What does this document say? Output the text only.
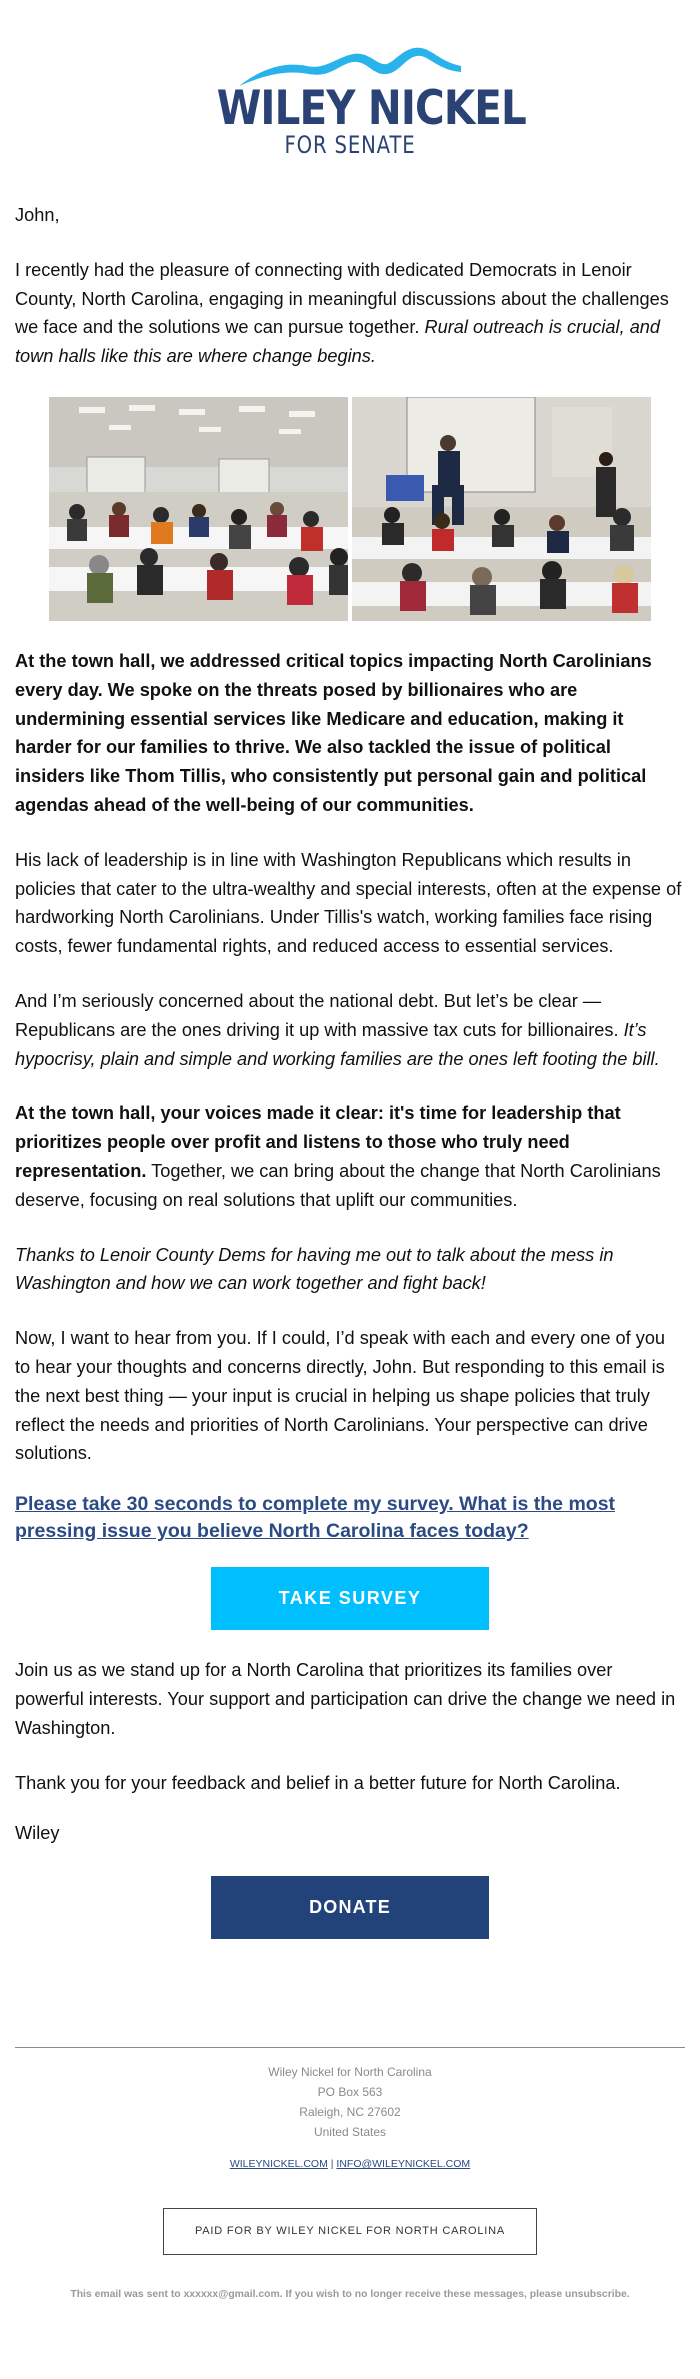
WILEY NICKEL
FOR SENATE

John,

I recently had the pleasure of connecting with dedicated Democrats in Lenoir County, North Carolina, engaging in meaningful discussions about the challenges we face and the solutions we can pursue together. Rural outreach is crucial, and town halls like this are where change begins.

At the town hall, we addressed critical topics impacting North Carolinians every day. We spoke on the threats posed by billionaires who are undermining essential services like Medicare and education, making it harder for our families to thrive. We also tackled the issue of political insiders like Thom Tillis, who consistently put personal gain and political agendas ahead of the well-being of our communities.

His lack of leadership is in line with Washington Republicans which results in policies that cater to the ultra-wealthy and special interests, often at the expense of hardworking North Carolinians. Under Tillis's watch, working families face rising costs, fewer fundamental rights, and reduced access to essential services.

And I’m seriously concerned about the national debt. But let’s be clear — Republicans are the ones driving it up with massive tax cuts for billionaires. It’s hypocrisy, plain and simple and working families are the ones left footing the bill.

At the town hall, your voices made it clear: it's time for leadership that prioritizes people over profit and listens to those who truly need representation. Together, we can bring about the change that North Carolinians deserve, focusing on real solutions that uplift our communities.

Thanks to Lenoir County Dems for having me out to talk about the mess in Washington and how we can work together and fight back!

Now, I want to hear from you. If I could, I’d speak with each and every one of you to hear your thoughts and concerns directly, John. But responding to this email is the next best thing — your input is crucial in helping us shape policies that truly reflect the needs and priorities of North Carolinians. Your perspective can drive solutions.

Please take 30 seconds to complete my survey. What is the most pressing issue you believe North Carolina faces today?
TAKE SURVEY

Join us as we stand up for a North Carolina that prioritizes its families over powerful interests. Your support and participation can drive the change we need in Washington.

Thank you for your feedback and belief in a better future for North Carolina.

Wiley

DONATE
Wiley Nickel for North Carolina
PO Box 563
Raleigh, NC 27602
United States
WILEYNICKEL.COM | INFO@WILEYNICKEL.COM
PAID FOR BY WILEY NICKEL FOR NORTH CAROLINA
This email was sent to xxxxxx@gmail.com. If you wish to no longer receive these messages, please unsubscribe.
